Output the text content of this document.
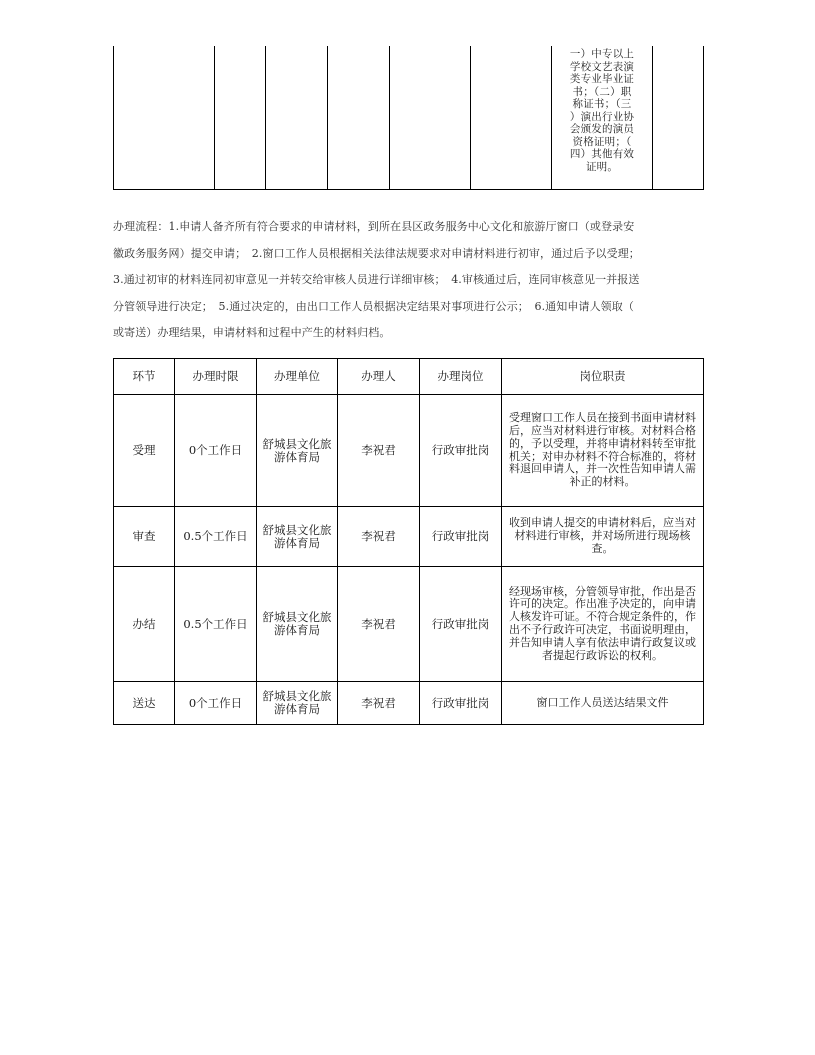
一）中专以上
学校文艺表演
类专业毕业证
书；（二）职
称证书；（三
）演出行业协
会颁发的演员
资格证明；（
四）其他有效
证明。

办理流程：1.申请人备齐所有符合要求的申请材料，到所在县区政务服务中心文化和旅游厅窗口（或登录安

徽政务服务网）提交申请；　2.窗口工作人员根据相关法律法规要求对申请材料进行初审，通过后予以受理；

3.通过初审的材料连同初审意见一并转交给审核人员进行详细审核；　4.审核通过后，连同审核意见一并报送

分管领导进行决定；　5.通过决定的，由出口工作人员根据决定结果对事项进行公示；　6.通知申请人领取（

或寄送）办理结果，申请材料和过程中产生的材料归档。

环节	办理时限	办理单位	办理人	办理岗位	岗位职责
受理	0个工作日	舒城县文化旅游体育局	李祝君	行政审批岗	受理窗口工作人员在接到书面申请材料后，应当对材料进行审核。对材料合格的，予以受理，并将申请材料转至审批机关；对申办材料不符合标准的，将材料退回申请人，并一次性告知申请人需补正的材料。
审查	0.5个工作日	舒城县文化旅游体育局	李祝君	行政审批岗	收到申请人提交的申请材料后，应当对材料进行审核，并对场所进行现场核查。
办结	0.5个工作日	舒城县文化旅游体育局	李祝君	行政审批岗	经现场审核，分管领导审批，作出是否许可的决定。作出准予决定的，向申请人核发许可证。不符合规定条件的，作出不予行政许可决定，书面说明理由，并告知申请人享有依法申请行政复议或者提起行政诉讼的权利。
送达	0个工作日	舒城县文化旅游体育局	李祝君	行政审批岗	窗口工作人员送达结果文件
